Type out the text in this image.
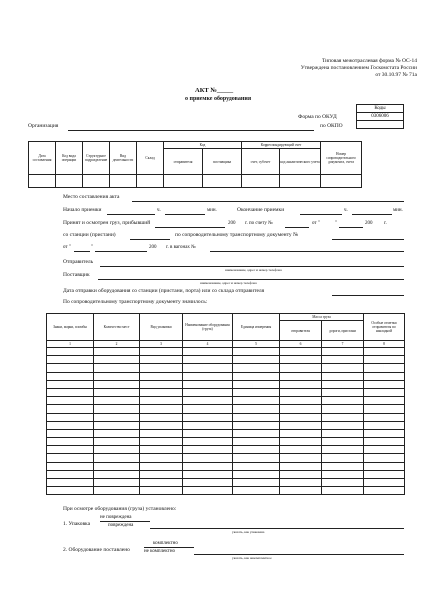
Типовая межотраслевая форма № ОС-14
Утверждена постановлением Госкомстата России
от 30.10.97 № 71а
АКТ №_____
о приемке оборудования
Коды
0306006

Форма по ОКУД
по ОКПО
Организация
Дата составления	Код вида операции	Структурное подразделение	Вид деятельности	Склад	Код		Корреспондирующий счет		Номер сопроводительного документа, счета
					отправителя	поставщика	счет, субсчет	код аналитического учета	

Место составления акта
Начало приемки	ч.	мин.	Окончание приемки	ч.	мин.
Принят и осмотрен груз, прибывший	200 г. по счету №	от "	"	200 г.
со станции (пристани)	по сопроводительному транспортному документу №
от "	"	200 г. в вагонах №
Отправитель
наименование, адрес и номер телефона
Поставщик
наименование, адрес и номер телефона
Дата отправки оборудования со станции (пристани, порта) или со склада отправителя
По сопроводительному транспортному документу значилось:
Знаки, марки, пломбы	Количество мест	Вид упаковки	Наименование оборудования (груза)	Единица измерения	Масса груза		Особые отметки отправителя по накладной
					отправителя	дороги, пристани	
1	2	3	4	5	6	7	8

При осмотре оборудования (груза) установлено:
1. Упаковка
не повреждена
повреждена
указать, как упакована
2. Оборудование поставлено
комплектно
не комплектно
указать, как некомплектное
